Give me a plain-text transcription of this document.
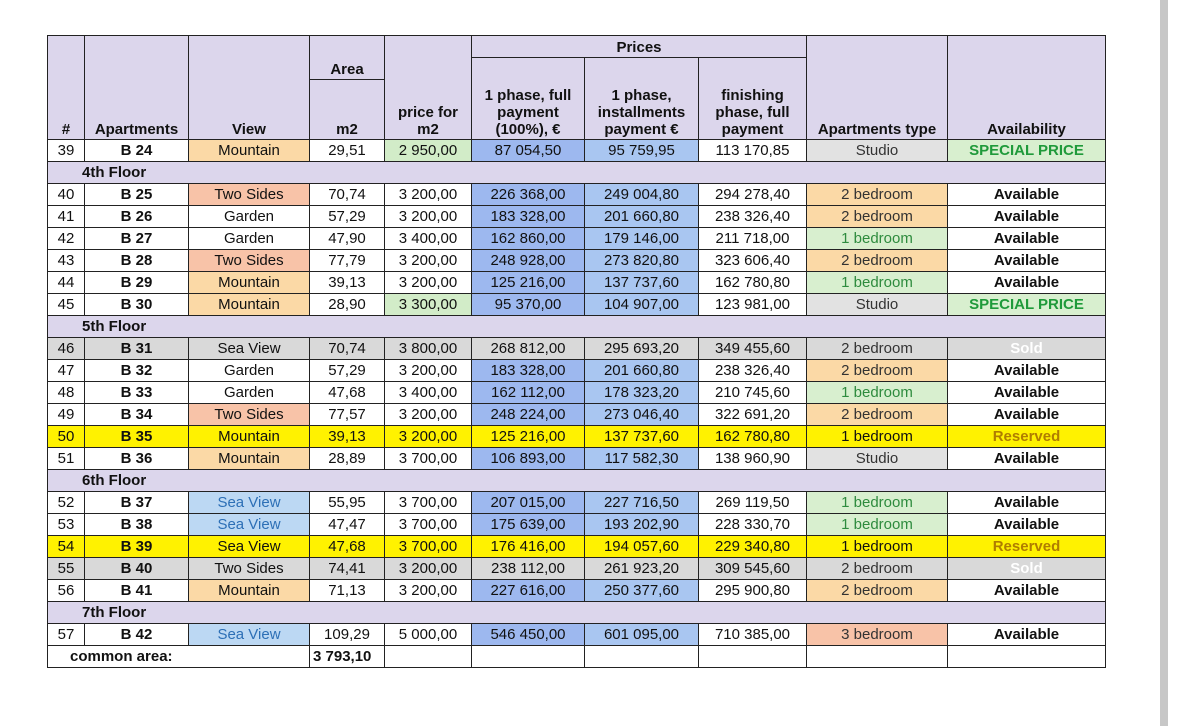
#	Apartments	View	Area	price for m2	Prices			Apartments type	Availability
					1 phase, full payment (100%), €	1 phase, installments payment €	finishing phase, full payment		
			m2						
39	B 24	Mountain	29,51	2 950,00	87 054,50	95 759,95	113 170,85	Studio	SPECIAL PRICE
4th Floor									
40	B 25	Two Sides	70,74	3 200,00	226 368,00	249 004,80	294 278,40	2 bedroom	Available
41	B 26	Garden	57,29	3 200,00	183 328,00	201 660,80	238 326,40	2 bedroom	Available
42	B 27	Garden	47,90	3 400,00	162 860,00	179 146,00	211 718,00	1 bedroom	Available
43	B 28	Two Sides	77,79	3 200,00	248 928,00	273 820,80	323 606,40	2 bedroom	Available
44	B 29	Mountain	39,13	3 200,00	125 216,00	137 737,60	162 780,80	1 bedroom	Available
45	B 30	Mountain	28,90	3 300,00	95 370,00	104 907,00	123 981,00	Studio	SPECIAL PRICE
5th Floor									
46	B 31	Sea View	70,74	3 800,00	268 812,00	295 693,20	349 455,60	2 bedroom	Sold
47	B 32	Garden	57,29	3 200,00	183 328,00	201 660,80	238 326,40	2 bedroom	Available
48	B 33	Garden	47,68	3 400,00	162 112,00	178 323,20	210 745,60	1 bedroom	Available
49	B 34	Two Sides	77,57	3 200,00	248 224,00	273 046,40	322 691,20	2 bedroom	Available
50	B 35	Mountain	39,13	3 200,00	125 216,00	137 737,60	162 780,80	1 bedroom	Reserved
51	B 36	Mountain	28,89	3 700,00	106 893,00	117 582,30	138 960,90	Studio	Available
6th Floor									
52	B 37	Sea View	55,95	3 700,00	207 015,00	227 716,50	269 119,50	1 bedroom	Available
53	B 38	Sea View	47,47	3 700,00	175 639,00	193 202,90	228 330,70	1 bedroom	Available
54	B 39	Sea View	47,68	3 700,00	176 416,00	194 057,60	229 340,80	1 bedroom	Reserved
55	B 40	Two Sides	74,41	3 200,00	238 112,00	261 923,20	309 545,60	2 bedroom	Sold
56	B 41	Mountain	71,13	3 200,00	227 616,00	250 377,60	295 900,80	2 bedroom	Available
7th Floor									
57	B 42	Sea View	109,29	5 000,00	546 450,00	601 095,00	710 385,00	3 bedroom	Available
common area:			3 793,10						
